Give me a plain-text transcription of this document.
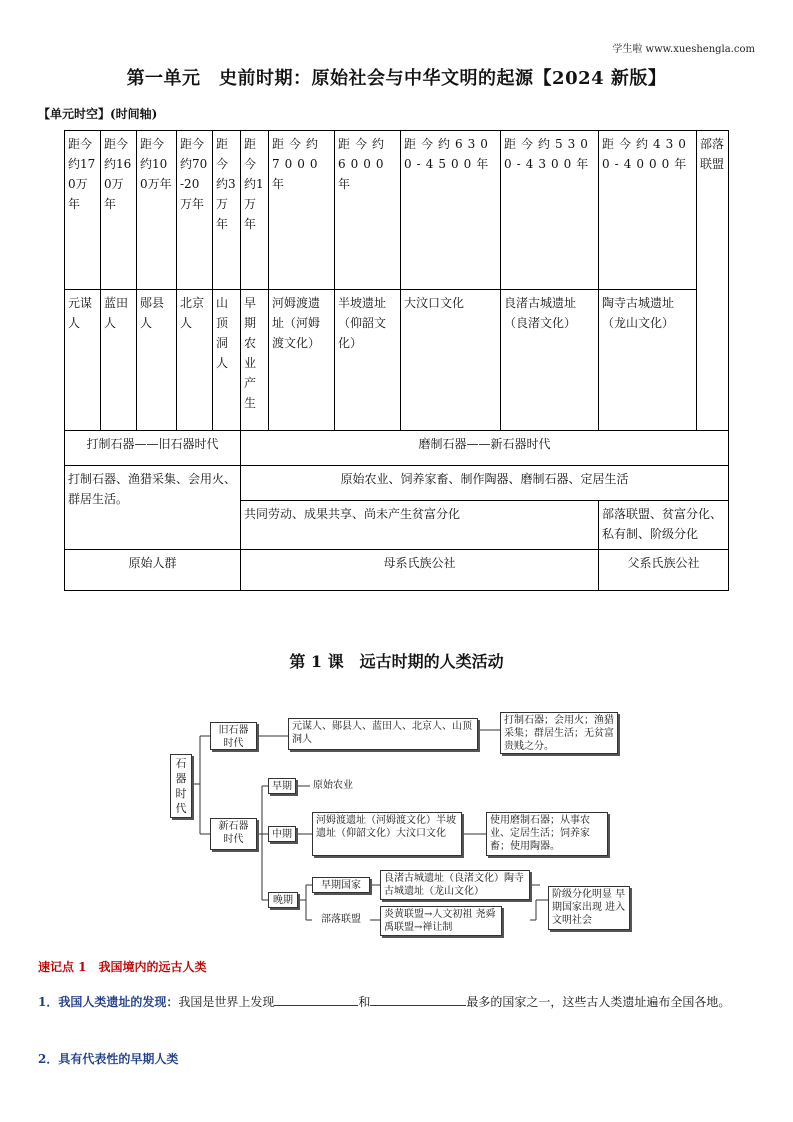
学生啦 www.xueshengla.com
第一单元　史前时期：原始社会与中华文明的起源【2024 新版】
【单元时空】(时间轴)
距今约170万年	距今约160万年	距今约100万年	距今约70-20万年	距今约3万年	距今约1万年	距今约7000年	距今约6000年	距今约6300-4500年	距今约5300-4300年	距今约4300-4000年	部落联盟
元谋人	蓝田人	郧县人	北京人	山顶洞人	早期农业产生	河姆渡遗址（河姆渡文化）	半坡遗址（仰韶文化）	大汶口文化	良渚古城遗址（良渚文化）	陶寺古城遗址（龙山文化）	
打制石器——旧石器时代					磨制石器——新石器时代						
打制石器、渔猎采集、会用火、群居生活。					原始农业、饲养家畜、制作陶器、磨制石器、定居生活						
					共同劳动、成果共享、尚未产生贫富分化					部落联盟、贫富分化、私有制、阶级分化	
原始人群					母系氏族公社					父系氏族公社	
第 1 课　远古时期的人类活动
石器时代
旧石器时代
元谋人、郧县人、蓝田人、北京人、山顶洞人
打制石器；会用火；渔猎采集；群居生活；无贫富贵贱之分。
新石器时代
早期	原始农业
中期
河姆渡遗址（河姆渡文化）半坡遗址（仰韶文化）大汶口文化
使用磨制石器；从事农业、定居生活；饲养家畜；使用陶器。
晚期
早期国家
部落联盟
良渚古城遗址（良渚文化）陶寺古城遗址（龙山文化）
炎黄联盟→人文初祖 尧舜禹联盟→禅让制
阶级分化明显 早期国家出现 进入文明社会
速记点 1　我国境内的远古人类
1．我国人类遗址的发现：我国是世界上发现	和	最多的国家之一，这些古人类遗址遍布全国各地。
2．具有代表性的早期人类
